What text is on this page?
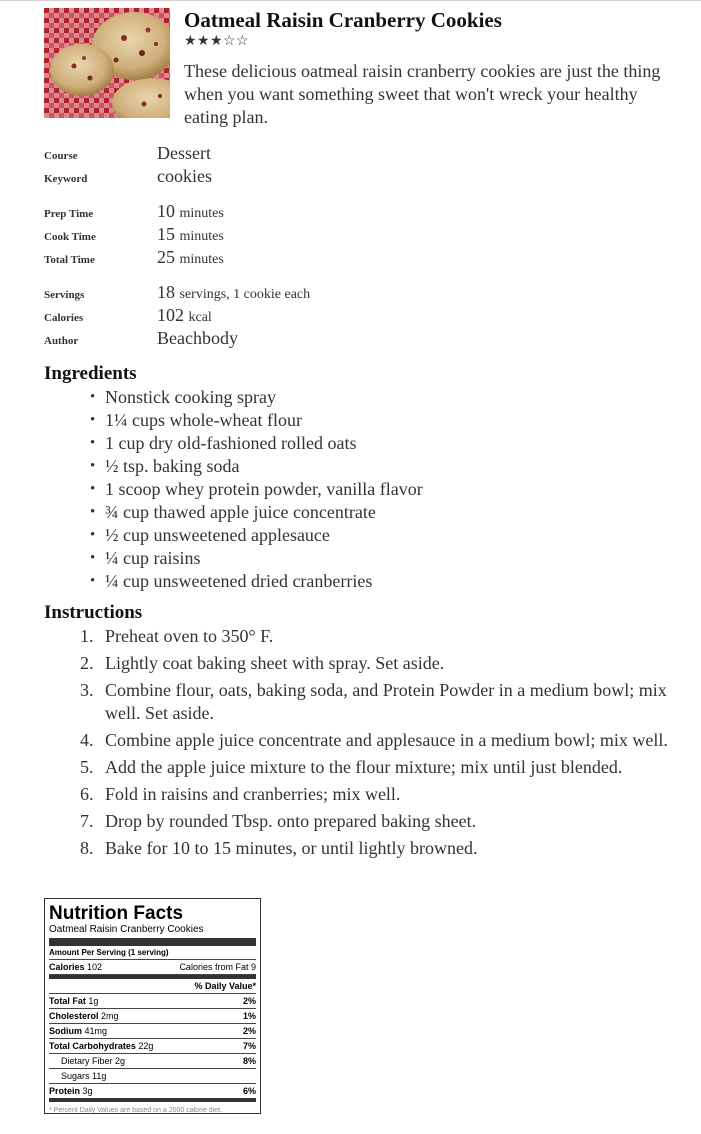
Oatmeal Raisin Cranberry Cookies
★★★☆☆
These delicious oatmeal raisin cranberry cookies are just the thing when you want something sweet that won't wreck your healthy eating plan.
Course	Dessert
Keyword	cookies
Prep Time	10 minutes
Cook Time	15 minutes
Total Time	25 minutes
Servings	18 servings, 1 cookie each
Calories	102 kcal
Author	Beachbody
Ingredients
• Nonstick cooking spray
• 1¼ cups whole-wheat flour
• 1 cup dry old-fashioned rolled oats
• ½ tsp. baking soda
• 1 scoop whey protein powder, vanilla flavor
• ¾ cup thawed apple juice concentrate
• ½ cup unsweetened applesauce
• ¼ cup raisins
• ¼ cup unsweetened dried cranberries
Instructions
1. Preheat oven to 350° F.
2. Lightly coat baking sheet with spray. Set aside.
3. Combine flour, oats, baking soda, and Protein Powder in a medium bowl; mix well. Set aside.
4. Combine apple juice concentrate and applesauce in a medium bowl; mix well.
5. Add the apple juice mixture to the flour mixture; mix until just blended.
6. Fold in raisins and cranberries; mix well.
7. Drop by rounded Tbsp. onto prepared baking sheet.
8. Bake for 10 to 15 minutes, or until lightly browned.
Nutrition Facts
Oatmeal Raisin Cranberry Cookies
Amount Per Serving (1 serving)
Calories 102	Calories from Fat 9
% Daily Value*
Total Fat 1g	2%
Cholesterol 2mg	1%
Sodium 41mg	2%
Total Carbohydrates 22g	7%
Dietary Fiber 2g	8%
Sugars 11g
Protein 3g	6%
* Percent Daily Values are based on a 2000 calorie diet.
